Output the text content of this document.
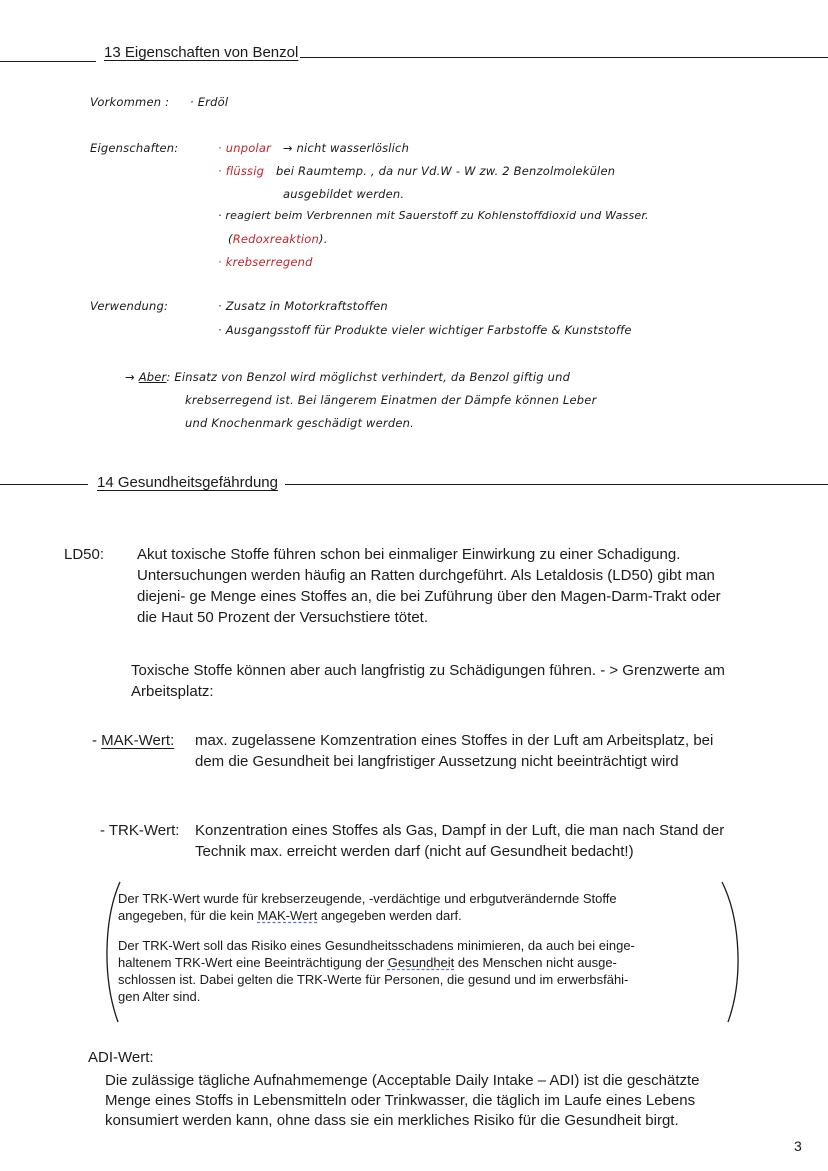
13 Eigenschaften von Benzol
Vorkommen : · Erdöl
Eigenschaften:	· unpolar → nicht wasserlöslich
· flüssig bei Raumtemp. , da nur Vd.W - W zw. 2 Benzolmolekülen
ausgebildet werden.
· reagiert beim Verbrennen mit Sauerstoff zu Kohlenstoffdioxid und Wasser.
(Redoxreaktion).
· krebserregend
Verwendung:	· Zusatz in Motorkraftstoffen
· Ausgangsstoff für Produkte vieler wichtiger Farbstoffe & Kunststoffe
→ Aber: Einsatz von Benzol wird möglichst verhindert, da Benzol giftig und
krebserregend ist. Bei längerem Einatmen der Dämpfe können Leber
und Knochenmark geschädigt werden.
14 Gesundheitsgefährdung
LD50: Akut toxische Stoffe führen schon bei einmaliger Einwirkung zu einer Schadigung.
Untersuchungen werden häufig an Ratten durchgeführt. Als Letaldosis (LD50) gibt man
diejeni- ge Menge eines Stoffes an, die bei Zuführung über den Magen-Darm-Trakt oder
die Haut 50 Prozent der Versuchstiere tötet.
Toxische Stoffe können aber auch langfristig zu Schädigungen führen. - > Grenzwerte am
Arbeitsplatz:
- MAK-Wert: max. zugelassene Komzentration eines Stoffes in der Luft am Arbeitsplatz, bei
dem die Gesundheit bei langfristiger Aussetzung nicht beeinträchtigt wird
- TRK-Wert: Konzentration eines Stoffes als Gas, Dampf in der Luft, die man nach Stand der
Technik max. erreicht werden darf (nicht auf Gesundheit bedacht!)
Der TRK-Wert wurde für krebserzeugende, -verdächtige und erbgutverändernde Stoffe
angegeben, für die kein MAK-Wert angegeben werden darf.
Der TRK-Wert soll das Risiko eines Gesundheitsschadens minimieren, da auch bei einge-
haltenem TRK-Wert eine Beeinträchtigung der Gesundheit des Menschen nicht ausge-
schlossen ist. Dabei gelten die TRK-Werte für Personen, die gesund und im erwerbsfähi-
gen Alter sind.
ADI-Wert:
Die zulässige tägliche Aufnahmemenge (Acceptable Daily Intake – ADI) ist die geschätzte
Menge eines Stoffs in Lebensmitteln oder Trinkwasser, die täglich im Laufe eines Lebens
konsumiert werden kann, ohne dass sie ein merkliches Risiko für die Gesundheit birgt.
3
